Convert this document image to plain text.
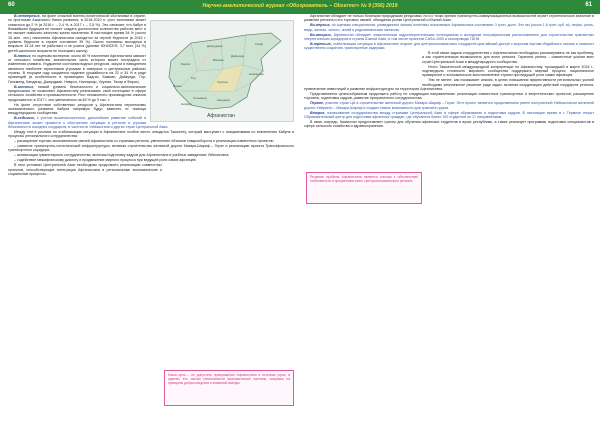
60	Научно-аналитический журнал «Обозреватель – Observer» № 9 (356) 2019	61

В-четвертых, на фоне сложной военно-политической обстановки в стране, по прогнозам Азиатского банка развития, в 2018-2019 гг. рост экономики может снизиться до 2 % (в 2016 г. – 2,4 %, в 2017 г. – 2,5 %). Это означает, что Кабул в ближайшем будущем не сможет создать достаточное количество рабочих мест и не сможет повысить качество жизни населения. В настоящее время 54 % (около 16 млн. чел.) населения Афганистана находится за чертой бедности (в 2015 г. уровень бедности в стране составлял 39 %). Около половины молодежи в возрасте 15-24 лет не работают и не учатся (данные ЮНИСЕФ, 3,7 млн. (44 %) детей школьного возраста не посещают школу).

В-пятых, по оценкам экспертов, около 80 % населения Афганистана зависят от сельского хозяйства, значительная часть которого может пострадать от изменения климата. Ухудшение состояния водных ресурсов, засухи и наводнения являются наиболее серьезными угрозами в северных и центральных районах страны. В текущем году ожидается падение урожайности на 22 и 34 % в ряде провинций (в особенности в провинциях Бадгис, Бамиан, Дайкунди, Гор, Гильменд, Кандагар, Джаузджан, Нимроз, Нангархар, Урузган, Тахар и Фарах).

В-шестых, низкий уровень безопасности и социально-экономические предпосылки не позволяют Афганистану реализовать свой потенциал в сфере сельского хозяйства и промышленности. Рост незаконного производства опиатов продолжается: в 2017 г. оно увеличилось на 63 % до 9 тыс. т.

На фоне отсутствия собственных ресурсов у Афганистана перспективы экономического развития Кабула напрямую будут зависеть от помощи международного сообщества.

В-седьмых, с учетом вышеизложенного, дальнейшее развитие событий в Афганистане может привести к обострению ситуации в регионе и угрозам безопасности соседних государств, в частности Узбекистана и других стран Центральной Азии.

Между тем в усилиях по стабилизации ситуации в Афганистане особое место отводится Ташкенту, который выступает с инициативами по вовлечению Кабула в процессы регионального сотрудничества:

– расширение торгово-экономических связей Афганистана со странами региона, увеличение объемов товарооборота и реализация совместных проектов;

– развитие транспортно-логистической инфраструктуры, включая строительство железной дороги Мазари-Шариф – Герат и реализацию проекта Трансафганского транспортного коридора;

– активизация гуманитарного сотрудничества, включая подготовку кадров для Афганистана в учебных заведениях Узбекистана;

– содействие межафганскому диалогу и продвижение мирного процесса при ведущей роли самих афганцев.

В этих условиях Центральной Азии необходимо продолжить реализацию совместных проектов, способствующих интеграции Афганистана в региональные экономические и социальные процессы.

Афганистан
Бадгис
Бамиан
Гор
Гильменд	Кандагар
Фарах
Нимроз
Урузган
Тахар
Нангархар
Джаузджан
Дайкунди
Наша цель – не допустить превращения Афганистана в источник угроз, а сделать его частью региональной экономической системы, опираясь на принципы добрососедства и взаимной выгоды.

Афганистан обладает не только богатыми природными ресурсами, но и с точки зрения транспортно-коммуникационных возможностей играет стратегическое значение в развитии региона и его торговых связей, объединяя рынки Центральной и Южной Азии.

Во-первых, по оценкам специалистов, разведанные запасы полезных ископаемых Афганистана составляют 3 трлн. долл. Это газ (около 1,6 трлн. куб. м), нефть, уголь, медь, железо, золото, литий и редкоземельные металлы.

Во-вторых, Афганистан обладает значительным гидроэнергетическим потенциалом и выгодным географическим расположением для строительства транзитных энергетических коридоров в страны Южной Азии, в том числе проектов CASA-1000 и газопровода ТАПИ.

В-третьих, стабилизация ситуации в Афганистане откроет для центральноазиатских государств кратчайший доступ к морским портам Индийского океана и позволит существенно сократить транспортные издержки.

В этой связи задачи сотрудничества с Афганистаном необходимо рассматривать не как проблему, а как стратегическую возможность для всего региона. Гарантия успеха – совместные усилия всех стран Центральной Азии и международного сообщества.

Итоги Ташкентской международной конференции по Афганистану, прошедшей в марте 2018 г., подтвердили готовность мирового сообщества поддержать мирный процесс, национальное примирение и экономическое восстановление страны при ведущей роли самих афганцев.

Тем не менее, как показывает анализ, в целях повышения эффективности региональных усилий необходимо комплексное решение ряда задач, включая координацию действий государств региона, привлечение инвестиций и развитие инфраструктуры на территории Афганистана.

Представляется целесообразным продолжить работу по следующим направлениям: реализация совместных транспортных и энергетических проектов, расширение торговли, подготовка кадров, развитие приграничного сотрудничества.

Первое, участие стран ЦА в строительстве железной дороги Мазари-Шариф – Герат. Этот проект является продолжением ранее построенной Узбекистаном железной дороги Хайратон – Мазари-Шариф и создаст новые возможности для транзита грузов.

Второе, налаживание сотрудничества между странами Центральной Азии в сфере образования и подготовки кадров. В настоящее время в г. Термезе открыт Образовательный центр для подготовки афганских граждан, где обучаются более 100 студентов по 17 направлениям.

В свою очередь, Казахстан предоставляет гранты для обучения афганских студентов в вузах республики, а также реализует программы подготовки специалистов в сфере сельского хозяйства и здравоохранения.

Решение проблем Афганистана является ключом к обеспечению стабильности и процветания всего Центральноазиатского региона.
